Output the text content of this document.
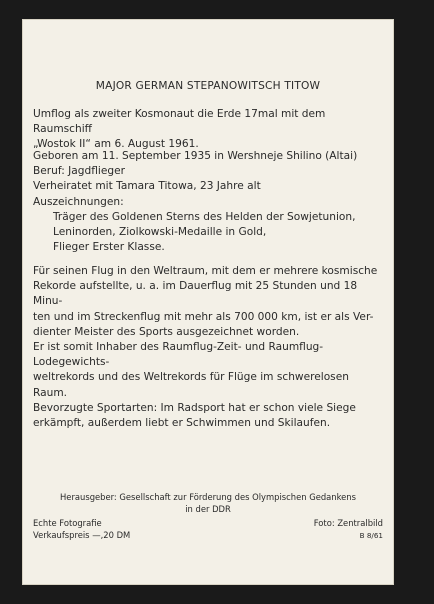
MAJOR GERMAN STEPANOWITSCH TITOW
Umflog als zweiter Kosmonaut die Erde 17mal mit dem Raumschiff
„Wostok II“ am 6. August 1961.
Geboren am 11. September 1935 in Wershneje Shilino (Altai)
Beruf: Jagdflieger
Verheiratet mit Tamara Titowa, 23 Jahre alt
Auszeichnungen:
Träger des Goldenen Sterns des Helden der Sowjetunion,
Leninorden, Ziolkowski-Medaille in Gold,
Flieger Erster Klasse.
Für seinen Flug in den Weltraum, mit dem er mehrere kosmische
Rekorde aufstellte, u. a. im Dauerflug mit 25 Stunden und 18 Minu-
ten und im Streckenflug mit mehr als 700 000 km, ist er als Ver-
dienter Meister des Sports ausgezeichnet worden.
Er ist somit Inhaber des Raumflug-Zeit- und Raumflug-Lodegewichts-
weltrekords und des Weltrekords für Flüge im schwerelosen Raum.
Bevorzugte Sportarten: Im Radsport hat er schon viele Siege
erkämpft, außerdem liebt er Schwimmen und Skilaufen.
Herausgeber: Gesellschaft zur Förderung des Olympischen Gedankens
in der DDR
Echte Fotografie	Foto: Zentralbild
Verkaufspreis —,20 DM	B 8/61
